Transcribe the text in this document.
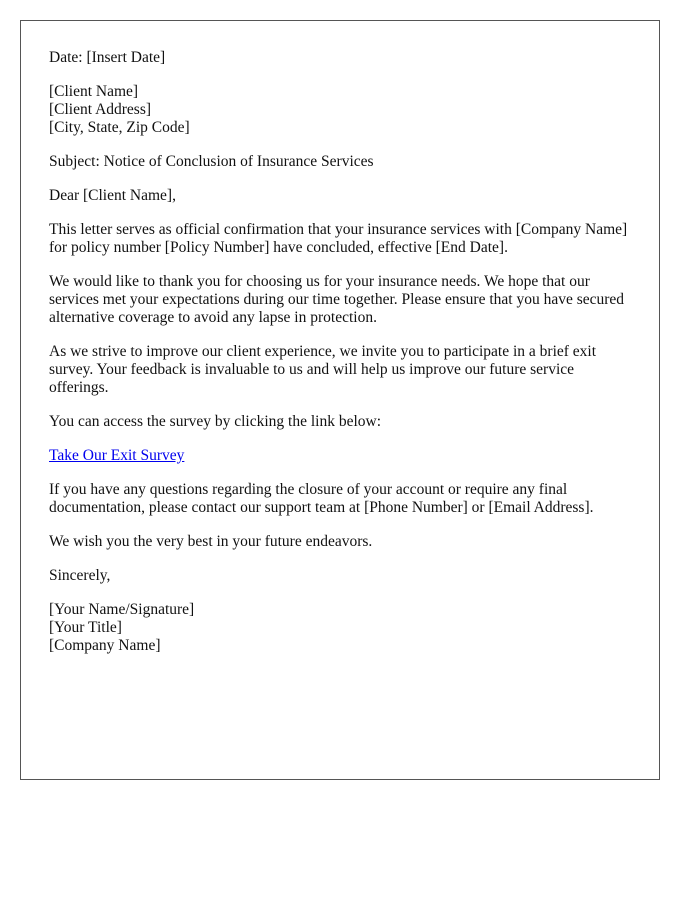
Date: [Insert Date]

[Client Name]
[Client Address]
[City, State, Zip Code]

Subject: Notice of Conclusion of Insurance Services

Dear [Client Name],

This letter serves as official confirmation that your insurance services with [Company Name] for policy number [Policy Number] have concluded, effective [End Date].

We would like to thank you for choosing us for your insurance needs. We hope that our services met your expectations during our time together. Please ensure that you have secured alternative coverage to avoid any lapse in protection.

As we strive to improve our client experience, we invite you to participate in a brief exit survey. Your feedback is invaluable to us and will help us improve our future service offerings.

You can access the survey by clicking the link below:

Take Our Exit Survey

If you have any questions regarding the closure of your account or require any final documentation, please contact our support team at [Phone Number] or [Email Address].

We wish you the very best in your future endeavors.

Sincerely,

[Your Name/Signature]
[Your Title]
[Company Name]
